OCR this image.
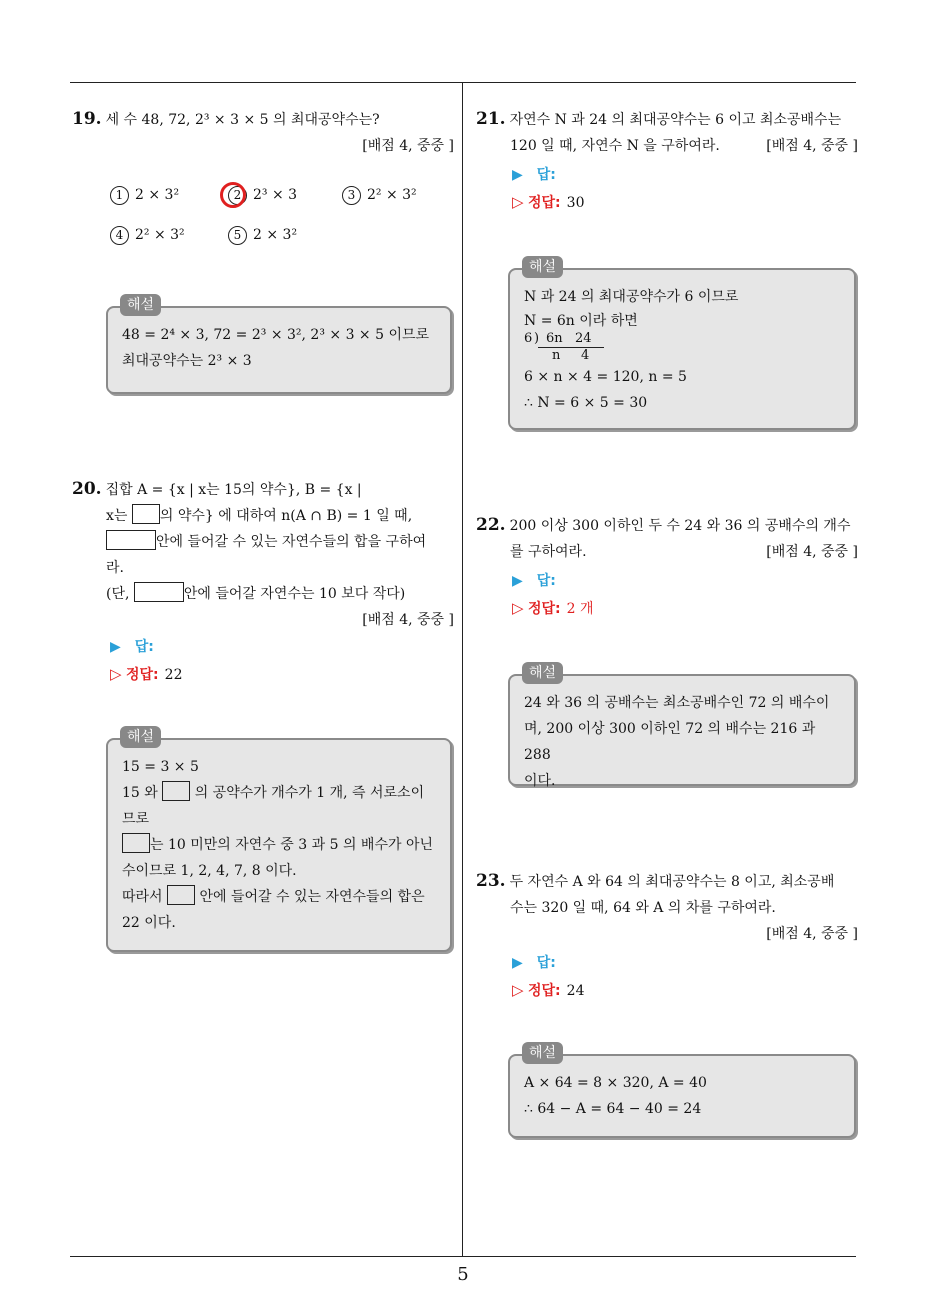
5
19. 세 수 48, 72, 2³ × 3 × 5 의 최대공약수는?
[배점 4, 중중 ]
1 2 × 3²	2 2³ × 3	3 2² × 3²
4 2² × 3²	5 2 × 3²
해설
48 = 2⁴ × 3, 72 = 2³ × 3², 2³ × 3 × 5 이므로
최대공약수는 2³ × 3
20. 집합 A = {x | x는 15의 약수}, B = {x |
x는 의 약수} 에 대하여 n(A ∩ B) = 1 일 때,
안에 들어갈 수 있는 자연수들의 합을 구하여
라.
(단,	안에 들어갈 자연수는 10 보다 작다)
[배점 4, 중중 ]
▶ 답:
▷ 정답: 22
해설
15 = 3 × 5
15 와	의 공약수가 개수가 1 개, 즉 서로소이
므로
는 10 미만의 자연수 중 3 과 5 의 배수가 아닌
수이므로 1, 2, 4, 7, 8 이다.
따라서	안에 들어갈 수 있는 자연수들의 합은
22 이다.
21. 자연수 N 과 24 의 최대공약수는 6 이고 최소공배수는
120 일 때, 자연수 N 을 구하여라.	[배점 4, 중중 ]
▶ 답:
▷ 정답: 30
해설
N 과 24 의 최대공약수가 6 이므로
N = 6n 이라 하면
6 ) 6n   24
n     4
6 × n × 4 = 120, n = 5
∴ N = 6 × 5 = 30
22. 200 이상 300 이하인 두 수 24 와 36 의 공배수의 개수
를 구하여라.	[배점 4, 중중 ]
▶ 답:
▷ 정답: 2 개
해설
24 와 36 의 공배수는 최소공배수인 72 의 배수이
며, 200 이상 300 이하인 72 의 배수는 216 과 288
이다.
23. 두 자연수 A 와 64 의 최대공약수는 8 이고, 최소공배
수는 320 일 때, 64 와 A 의 차를 구하여라.
[배점 4, 중중 ]
▶ 답:
▷ 정답: 24
해설
A × 64 = 8 × 320, A = 40
∴ 64 − A = 64 − 40 = 24
